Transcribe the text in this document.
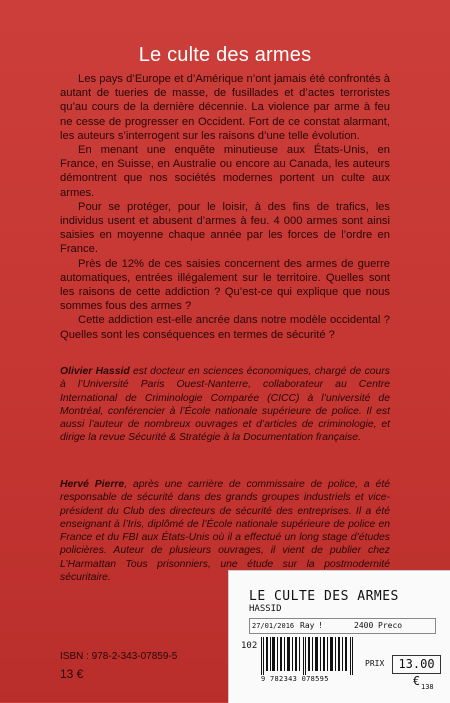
Le culte des armes

Les pays d’Europe et d’Amérique n’ont jamais été confrontés à autant de tueries de masse, de fusillades et d’actes terroristes qu’au cours de la dernière décennie. La violence par arme à feu ne cesse de progresser en Occident. Fort de ce constat alarmant, les auteurs s’interrogent sur les raisons d’une telle évolution.

En menant une enquête minutieuse aux États-Unis, en France, en Suisse, en Australie ou encore au Canada, les auteurs démontrent que nos sociétés modernes portent un culte aux armes.

Pour se protéger, pour le loisir, à des fins de trafics, les individus usent et abusent d’armes à feu. 4 000 armes sont ainsi saisies en moyenne chaque année par les forces de l’ordre en France.

Près de 12% de ces saisies concernent des armes de guerre automatiques, entrées illégalement sur le territoire. Quelles sont les raisons de cette addiction ? Qu’est-ce qui explique que nous sommes fous des armes ?

Cette addiction est-elle ancrée dans notre modèle occidental ? Quelles sont les conséquences en termes de sécurité ?

Olivier Hassid est docteur en sciences économiques, chargé de cours à l’Université Paris Ouest-Nanterre, collaborateur au Centre International de Criminologie Comparée (CICC) à l’université de Montréal, conférencier à l’École nationale supérieure de police. Il est aussi l’auteur de nombreux ouvrages et d’articles de criminologie, et dirige la revue Sécurité & Stratégie à la Documentation française.
Hervé Pierre, après une carrière de commissaire de police, a été responsable de sécurité dans des grands groupes industriels et vice-président du Club des directeurs de sécurité des entreprises. Il a été enseignant à l’Iris, diplômé de l’École nationale supérieure de police en France et du FBI aux États-Unis où il a effectué un long stage d’études policières. Auteur de plusieurs ouvrages, il vient de publier chez L’Harmattan Tous prisonniers, une étude sur la postmodernité sécuritaire.
ISBN : 978-2-343-07859-5
13 €
LE CULTE DES ARMES
HASSID
27/01/2016 Ray !	2400 Preco
102
9 782343 078595
PRIX	13.00 € 138
